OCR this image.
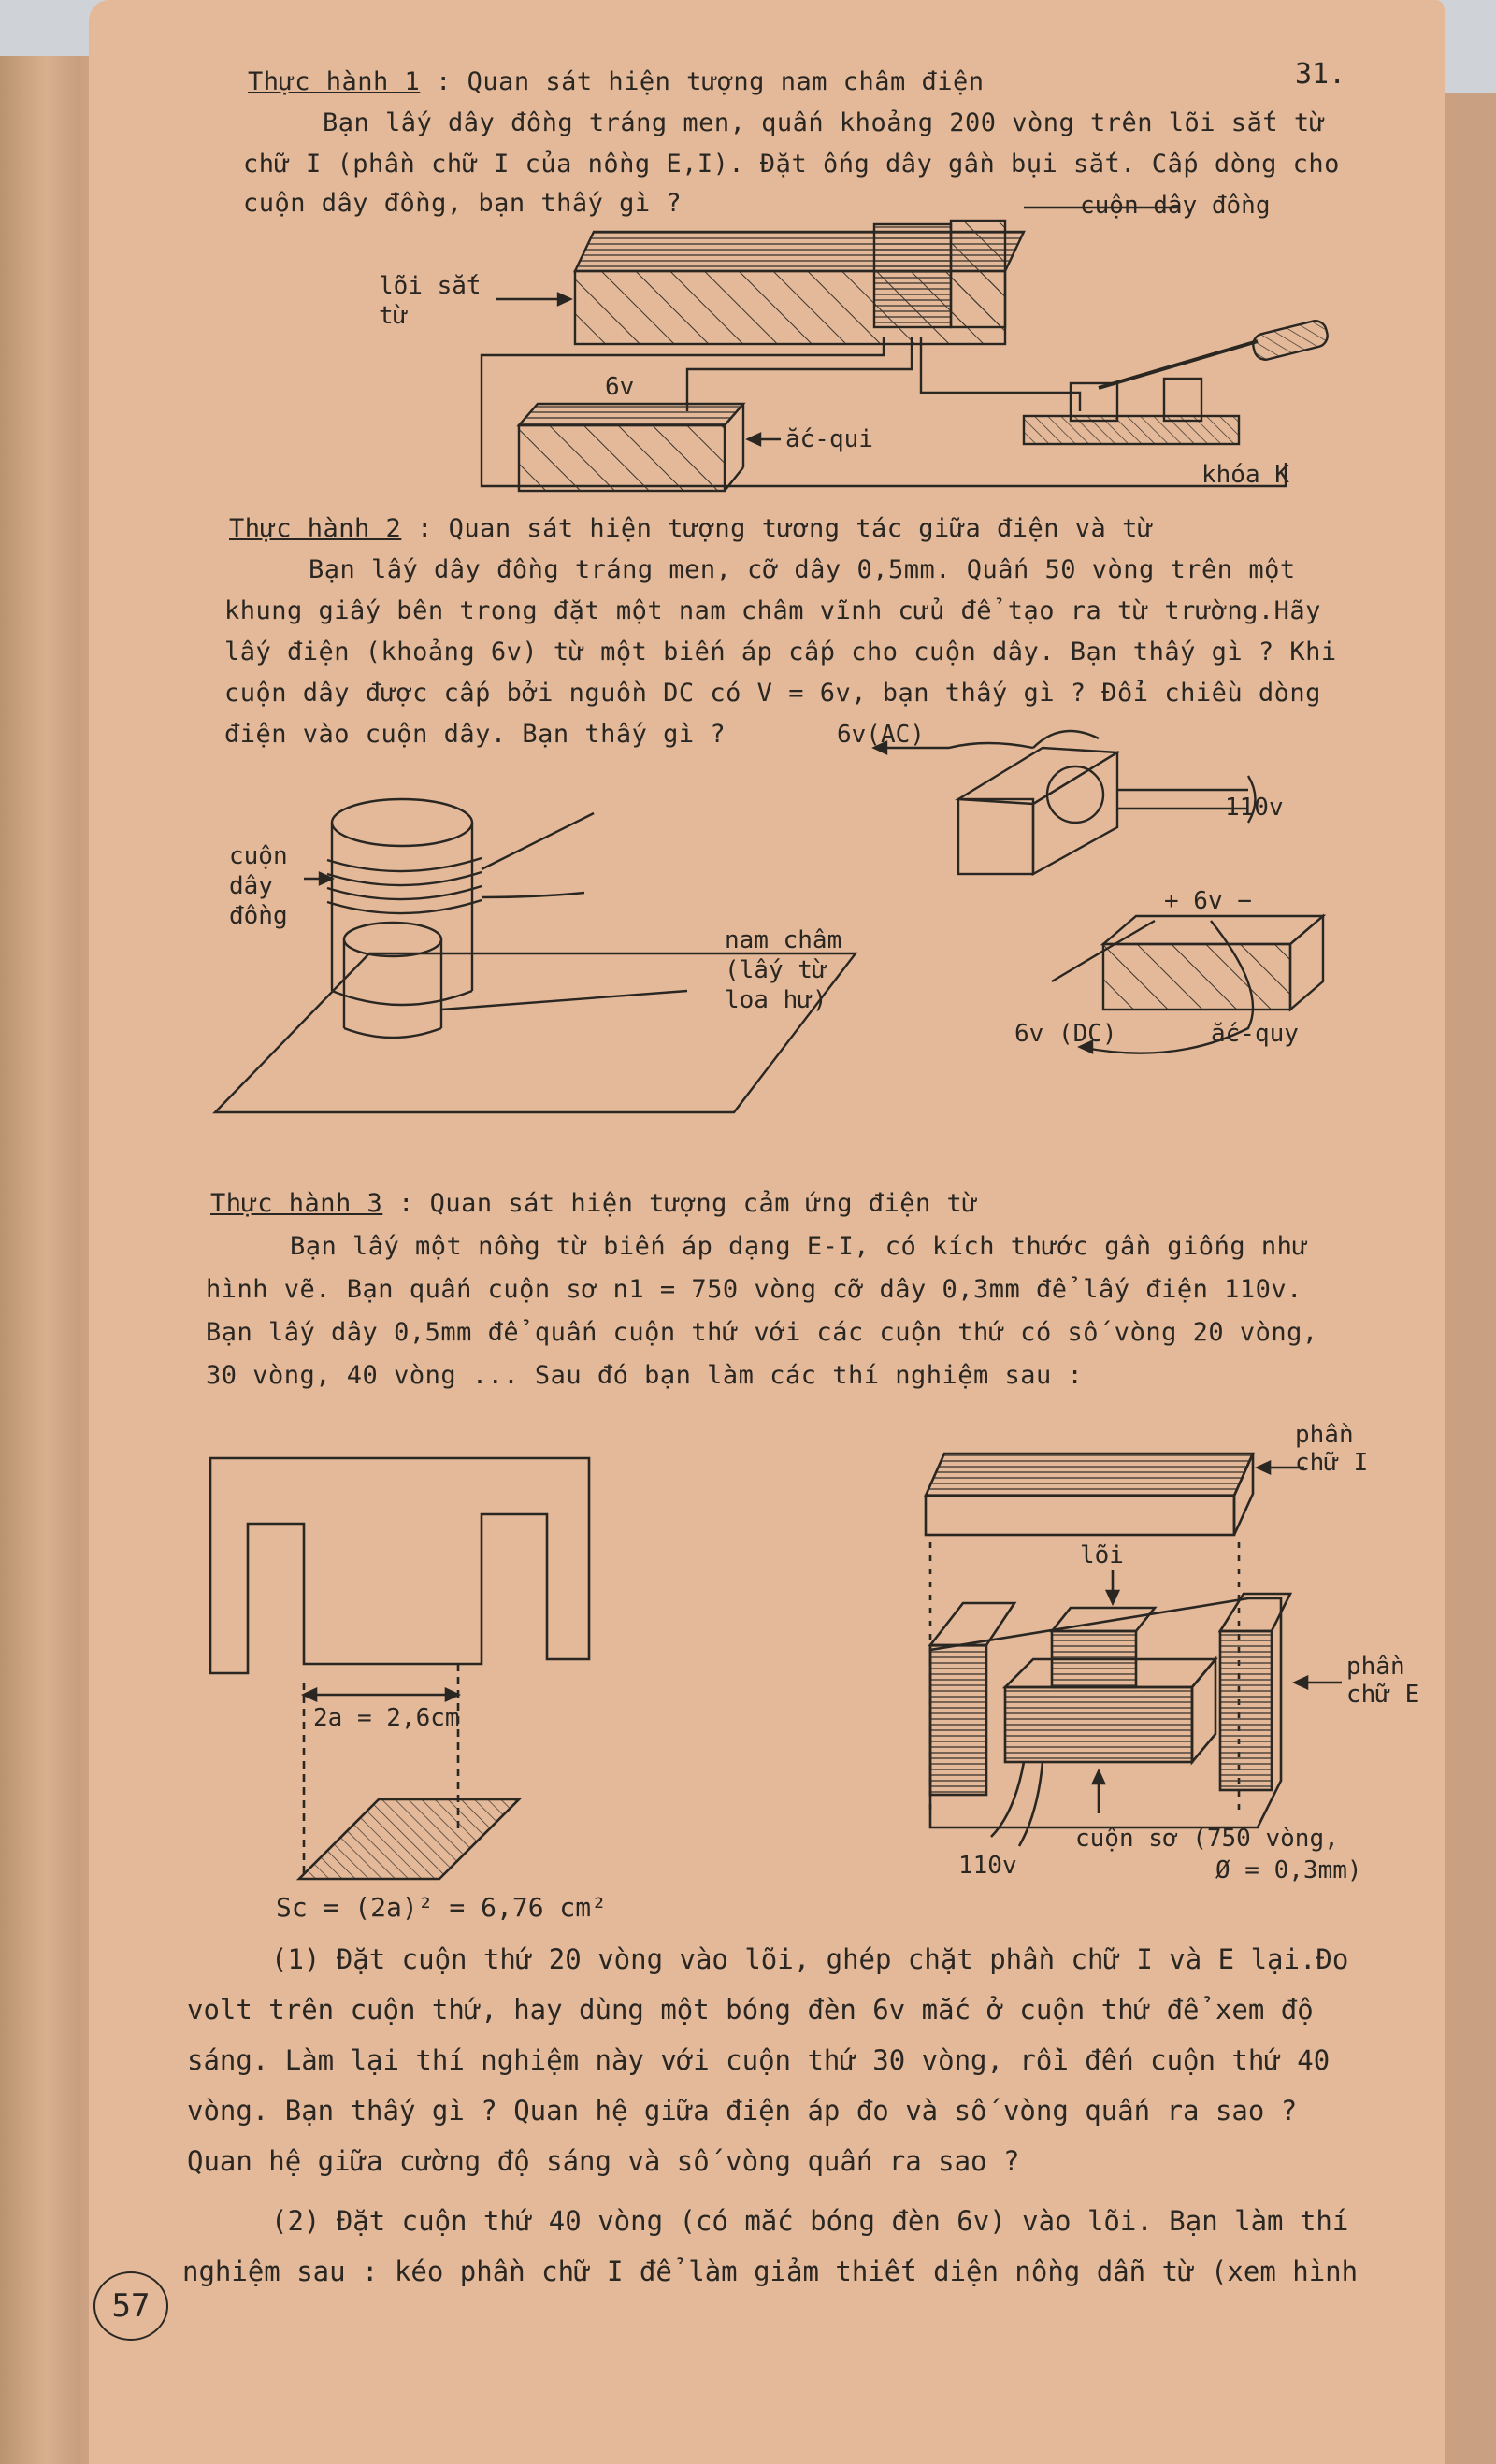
31.
Thực hành 1 : Quan sát hiện tượng nam châm điện
Bạn lấy dây đồng tráng men, quấn khoảng 200 vòng trên lõi sắt từ
chữ I (phần chữ I của nồng E,I). Đặt ống dây gần bụi sắt. Cấp dòng cho
cuộn dây đồng, bạn thấy gì ?	cuộn dây đồng
lõi sắt từ
6v
ắc-qui
khóa K
Thực hành 2 : Quan sát hiện tượng tương tác giữa điện và từ
Bạn lấy dây đồng tráng men, cỡ dây 0,5mm. Quấn 50 vòng trên một
khung giấy bên trong đặt một nam châm vĩnh cửu để tạo ra từ trường.Hãy
lấy điện (khoảng 6v) từ một biến áp cấp cho cuộn dây. Bạn thấy gì ? Khi
cuộn dây được cấp bởi nguồn DC có V = 6v, bạn thấy gì ? Đổi chiều dòng
điện vào cuộn dây. Bạn thấy gì ?
cuộn
dây
đồng
nam châm
(lấy từ
loa hư)
6v(AC)
110v
+ 6v −
6v (DC)	ắc-quy
Thực hành 3 : Quan sát hiện tượng cảm ứng điện từ
Bạn lấy một nồng từ biến áp dạng E-I, có kích thước gần giống như
hình vẽ. Bạn quấn cuộn sơ n1 = 750 vòng cỡ dây 0,3mm để lấy điện 110v.
Bạn lấy dây 0,5mm để quấn cuộn thứ với các cuộn thứ có số vòng 20 vòng,
30 vòng, 40 vòng ... Sau đó bạn làm các thí nghiệm sau :
2a = 2,6cm
Sc = (2a)² = 6,76 cm²
phần
chữ I
lõi
phần
chữ E
110v
cuộn sơ (750 vòng,
Ø = 0,3mm)
(1) Đặt cuộn thứ 20 vòng vào lõi, ghép chặt phần chữ I và E lại.Đo
volt trên cuộn thứ, hay dùng một bóng đèn 6v mắc ở cuộn thứ để xem độ
sáng. Làm lại thí nghiệm này với cuộn thứ 30 vòng, rồi đến cuộn thứ 40
vòng. Bạn thấy gì ? Quan hệ giữa điện áp đo và số vòng quấn ra sao ?
Quan hệ giữa cường độ sáng và số vòng quấn ra sao ?
(2) Đặt cuộn thứ 40 vòng (có mắc bóng đèn 6v) vào lõi. Bạn làm thí
nghiệm sau : kéo phần chữ I để làm giảm thiết diện nồng dẫn từ (xem hình
57
